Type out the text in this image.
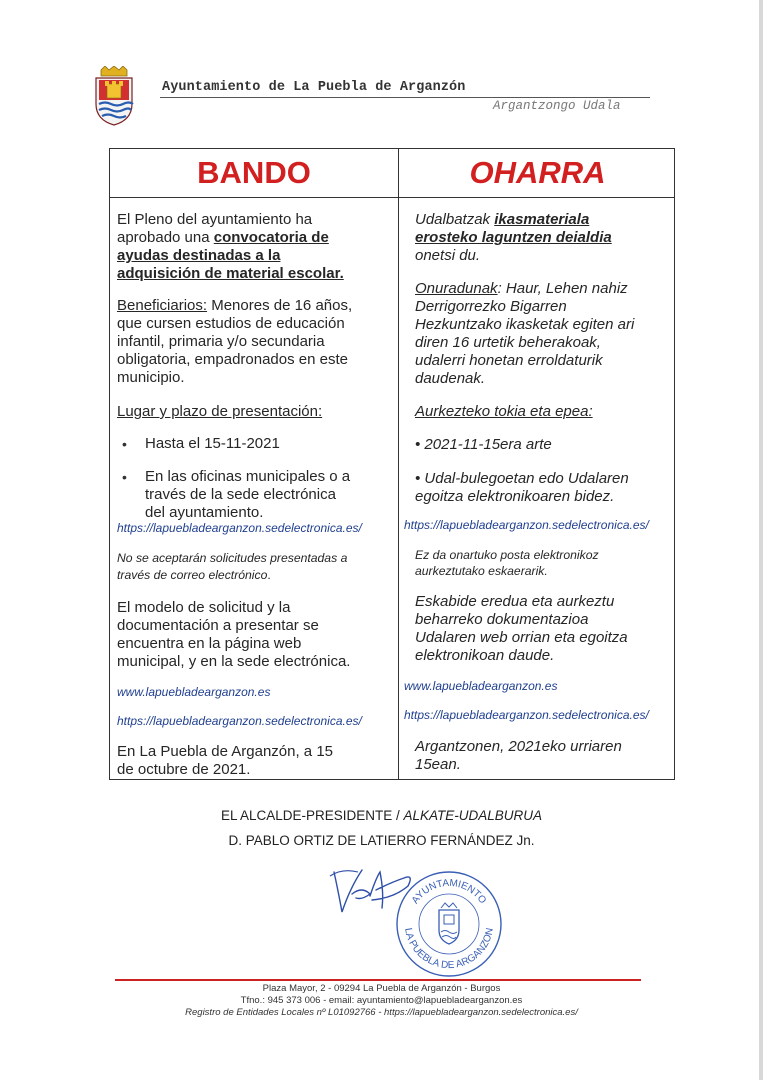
Ayuntamiento de La Puebla de Arganzón
Argantzongo Udala
BANDO	OHARRA
El Pleno del ayuntamiento ha
aprobado una convocatoria de
ayudas destinadas a la
adquisición de material escolar.
Beneficiarios: Menores de 16 años,
que cursen estudios de educación
infantil, primaria y/o secundaria
obligatoria, empadronados en este
municipio.
Lugar y plazo de presentación:
• Hasta el 15-11-2021
• En las oficinas municipales o a
través de la sede electrónica
del ayuntamiento.
https://lapuebladearganzon.sedelectronica.es/
No se aceptarán solicitudes presentadas a
través de correo electrónico.
El modelo de solicitud y la
documentación a presentar se
encuentra en la página web
municipal, y en la sede electrónica.
www.lapuebladearganzon.es
https://lapuebladearganzon.sedelectronica.es/
En La Puebla de Arganzón, a 15
de octubre de 2021.
Udalbatzak ikasmateriala
erosteko laguntzen deialdia
onetsi du.
Onuradunak: Haur, Lehen nahiz
Derrigorrezko Bigarren
Hezkuntzako ikasketak egiten ari
diren 16 urtetik beherakoak,
udalerri honetan erroldaturik
daudenak.
Aurkezteko tokia eta epea:
• 2021-11-15era arte
• Udal-bulegoetan edo Udalaren
egoitza elektronikoaren bidez.
https://lapuebladearganzon.sedelectronica.es/
Ez da onartuko posta elektronikoz
aurkeztutako eskaerarik.
Eskabide eredua eta aurkeztu
beharreko dokumentazioa
Udalaren web orrian eta egoitza
elektronikoan daude.
www.lapuebladearganzon.es
https://lapuebladearganzon.sedelectronica.es/
Argantzonen, 2021eko urriaren
15ean.
EL ALCALDE-PRESIDENTE / ALKATE-UDALBURUA
D. PABLO ORTIZ DE LATIERRO FERNÁNDEZ Jn.
AYUNTAMIENTO
LA PUEBLA DE ARGANZON
Plaza Mayor, 2 - 09294 La Puebla de Arganzón - Burgos
Tfno.: 945 373 006 - email: ayuntamiento@lapuebladearganzon.es
Registro de Entidades Locales nº L01092766 - https://lapuebladearganzon.sedelectronica.es/
